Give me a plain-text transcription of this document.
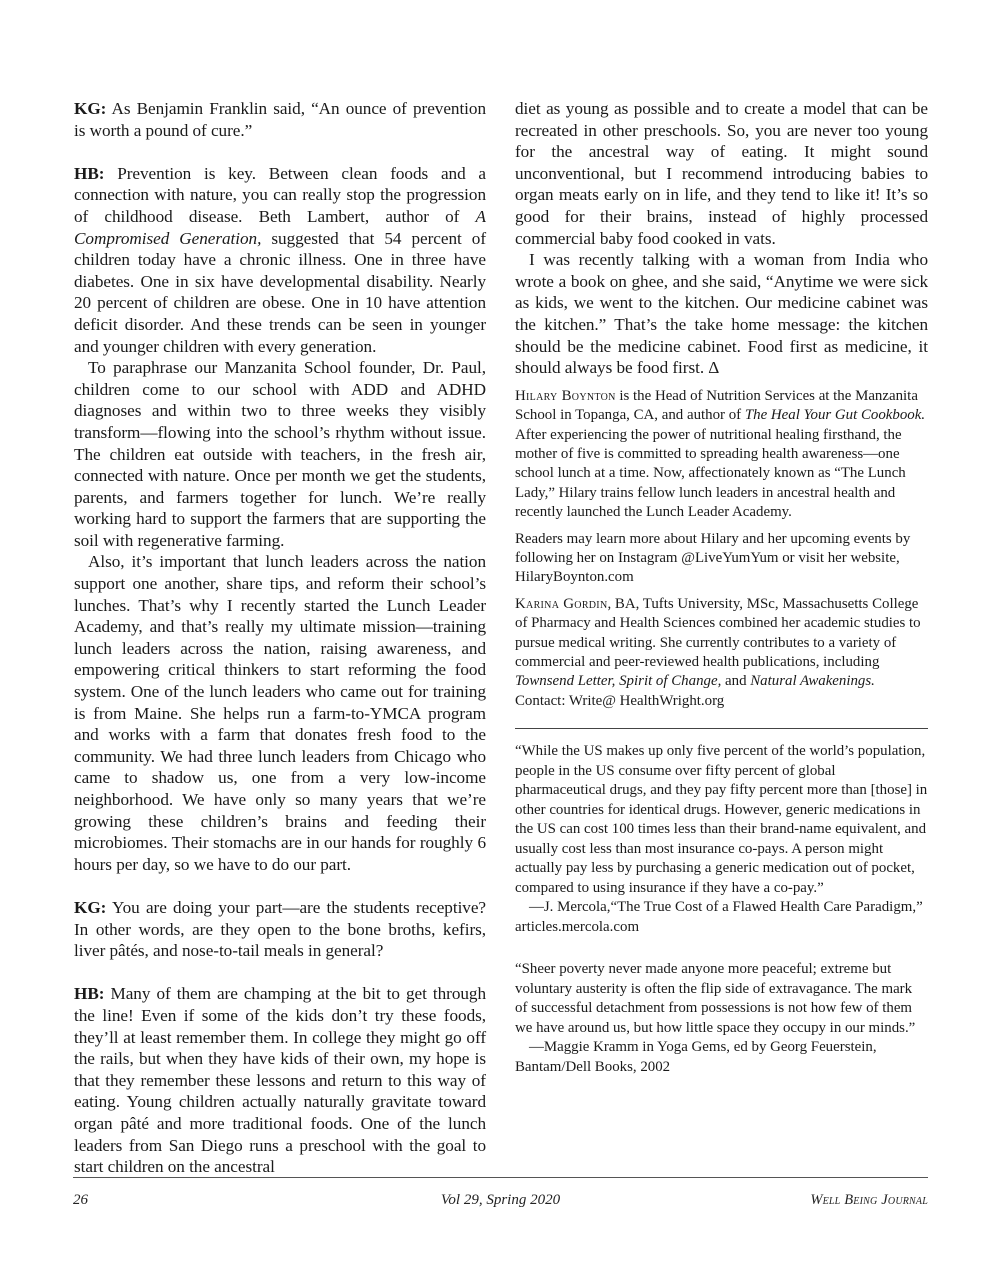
KG: As Benjamin Franklin said, “An ounce of prevention is worth a pound of cure.”

HB: Prevention is key. Between clean foods and a connection with nature, you can really stop the progression of childhood disease. Beth Lambert, author of A Compromised Generation, suggested that 54 percent of children today have a chronic illness. One in three have diabetes. One in six have developmental disability. Nearly 20 percent of children are obese. One in 10 have attention deficit disorder. And these trends can be seen in younger and younger children with every generation.

To paraphrase our Manzanita School founder, Dr. Paul, children come to our school with ADD and ADHD diagnoses and within two to three weeks they visibly transform—flowing into the school’s rhythm without issue. The children eat outside with teachers, in the fresh air, connected with nature. Once per month we get the students, parents, and farmers together for lunch. We’re really working hard to support the farmers that are supporting the soil with regenerative farming.

Also, it’s important that lunch leaders across the nation support one another, share tips, and reform their school’s lunches. That’s why I recently started the Lunch Leader Academy, and that’s really my ultimate mission—training lunch leaders across the nation, raising awareness, and empowering critical thinkers to start reforming the food system. One of the lunch leaders who came out for training is from Maine. She helps run a farm-to-YMCA program and works with a farm that donates fresh food to the community. We had three lunch leaders from Chicago who came to shadow us, one from a very low-income neighborhood. We have only so many years that we’re growing these children’s brains and feeding their microbiomes. Their stomachs are in our hands for roughly 6 hours per day, so we have to do our part.

KG: You are doing your part—are the students receptive? In other words, are they open to the bone broths, kefirs, liver pâtés, and nose-to-tail meals in general?

HB: Many of them are champing at the bit to get through the line! Even if some of the kids don’t try these foods, they’ll at least remember them. In college they might go off the rails, but when they have kids of their own, my hope is that they remember these lessons and return to this way of eating. Young children actually naturally gravitate toward organ pâté and more traditional foods. One of the lunch leaders from San Diego runs a preschool with the goal to start children on the ancestral

diet as young as possible and to create a model that can be recreated in other preschools. So, you are never too young for the ancestral way of eating. It might sound unconventional, but I recommend introducing babies to organ meats early on in life, and they tend to like it! It’s so good for their brains, instead of highly processed commercial baby food cooked in vats.

I was recently talking with a woman from India who wrote a book on ghee, and she said, “Anytime we were sick as kids, we went to the kitchen. Our medicine cabinet was the kitchen.” That’s the take home message: the kitchen should be the medicine cabinet. Food first as medicine, it should always be food first. Δ

Hilary Boynton is the Head of Nutrition Services at the Manzanita School in Topanga, CA, and author of The Heal Your Gut Cookbook. After experiencing the power of nutritional healing firsthand, the mother of five is committed to spreading health awareness—one school lunch at a time. Now, affectionately known as “The Lunch Lady,” Hilary trains fellow lunch leaders in ancestral health and recently launched the Lunch Leader Academy.

Readers may learn more about Hilary and her upcoming events by following her on Instagram @LiveYumYum or visit her website, HilaryBoynton.com

Karina Gordin, BA, Tufts University, MSc, Massachusetts College of Pharmacy and Health Sciences combined her academic studies to pursue medical writing. She currently contributes to a variety of commercial and peer-reviewed health publications, including Townsend Letter, Spirit of Change, and Natural Awakenings. Contact: Write@ HealthWright.org

“While the US makes up only five percent of the world’s population, people in the US consume over fifty percent of global pharmaceutical drugs, and they pay fifty percent more than [those] in other countries for identical drugs. However, generic medications in the US can cost 100 times less than their brand-name equivalent, and usually cost less than most insurance co-pays. A person might actually pay less by purchasing a generic medication out of pocket, compared to using insurance if they have a co-pay.”

—J. Mercola,“The True Cost of a Flawed Health Care Paradigm,” articles.mercola.com

“Sheer poverty never made anyone more peaceful; extreme but voluntary austerity is often the flip side of extravagance. The mark of successful detachment from possessions is not how few of them we have around us, but how little space they occupy in our minds.”

—Maggie Kramm in Yoga Gems, ed by Georg Feuerstein, Bantam/Dell Books, 2002

26	Vol 29, Spring 2020	Well Being Journal
